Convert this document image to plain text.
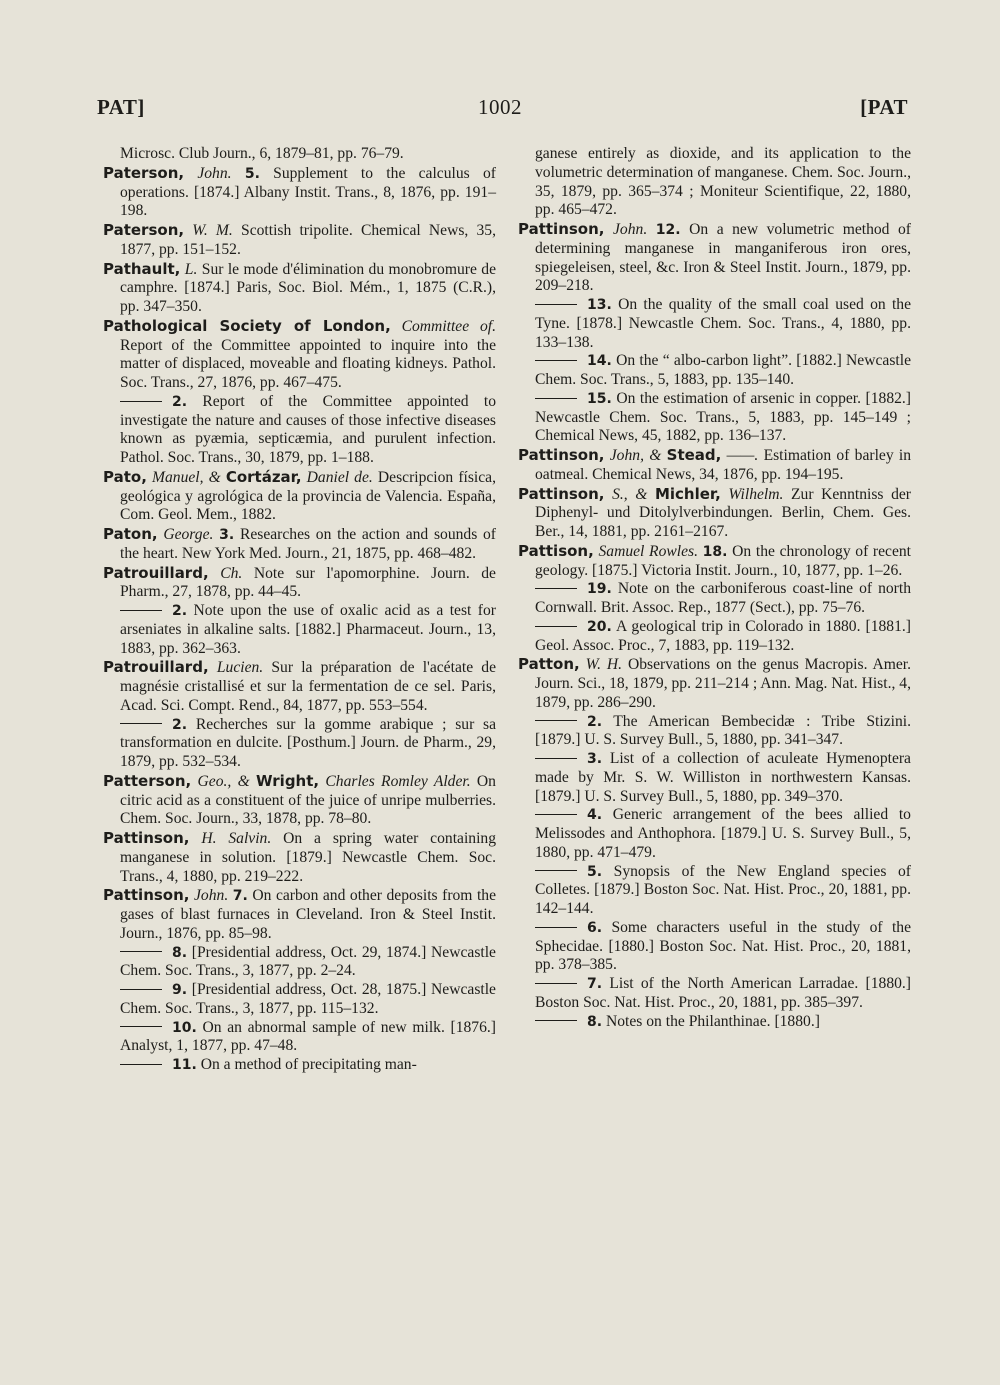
PAT]	1002	[PAT

Microsc. Club Journ., 6, 1879–81, pp. 76–79.

Paterson, John. 5. Supplement to the calculus of operations. [1874.] Albany Instit. Trans., 8, 1876, pp. 191–198.

Paterson, W. M. Scottish tripolite. Chemical News, 35, 1877, pp. 151–152.

Pathault, L. Sur le mode d'élimination du monobromure de camphre. [1874.] Paris, Soc. Biol. Mém., 1, 1875 (C.R.), pp. 347–350.

Pathological Society of London, Committee of. Report of the Committee appointed to inquire into the matter of displaced, moveable and floating kidneys. Pathol. Soc. Trans., 27, 1876, pp. 467–475.

2. Report of the Committee appointed to investigate the nature and causes of those infective diseases known as pyæmia, septicæmia, and purulent infection. Pathol. Soc. Trans., 30, 1879, pp. 1–188.

Pato, Manuel, & Cortázar, Daniel de. Descripcion física, geológica y agrológica de la provincia de Valencia. España, Com. Geol. Mem., 1882.

Paton, George. 3. Researches on the action and sounds of the heart. New York Med. Journ., 21, 1875, pp. 468–482.

Patrouillard, Ch. Note sur l'apomorphine. Journ. de Pharm., 27, 1878, pp. 44–45.

2. Note upon the use of oxalic acid as a test for arseniates in alkaline salts. [1882.] Pharmaceut. Journ., 13, 1883, pp. 362–363.

Patrouillard, Lucien. Sur la préparation de l'acétate de magnésie cristallisé et sur la fermentation de ce sel. Paris, Acad. Sci. Compt. Rend., 84, 1877, pp. 553–554.

2. Recherches sur la gomme arabique ; sur sa transformation en dulcite. [Posthum.] Journ. de Pharm., 29, 1879, pp. 532–534.

Patterson, Geo., & Wright, Charles Romley Alder. On citric acid as a constituent of the juice of unripe mulberries. Chem. Soc. Journ., 33, 1878, pp. 78–80.

Pattinson, H. Salvin. On a spring water containing manganese in solution. [1879.] Newcastle Chem. Soc. Trans., 4, 1880, pp. 219–222.

Pattinson, John. 7. On carbon and other deposits from the gases of blast furnaces in Cleveland. Iron & Steel Instit. Journ., 1876, pp. 85–98.

8. [Presidential address, Oct. 29, 1874.] Newcastle Chem. Soc. Trans., 3, 1877, pp. 2–24.

9. [Presidential address, Oct. 28, 1875.] Newcastle Chem. Soc. Trans., 3, 1877, pp. 115–132.

10. On an abnormal sample of new milk. [1876.] Analyst, 1, 1877, pp. 47–48.

11. On a method of precipitating man-

ganese entirely as dioxide, and its application to the volumetric determination of manganese. Chem. Soc. Journ., 35, 1879, pp. 365–374 ; Moniteur Scientifique, 22, 1880, pp. 465–472.

Pattinson, John. 12. On a new volumetric method of determining manganese in manganiferous iron ores, spiegeleisen, steel, &c. Iron & Steel Instit. Journ., 1879, pp. 209–218.

13. On the quality of the small coal used on the Tyne. [1878.] Newcastle Chem. Soc. Trans., 4, 1880, pp. 133–138.

14. On the “ albo-carbon light”. [1882.] Newcastle Chem. Soc. Trans., 5, 1883, pp. 135–140.

15. On the estimation of arsenic in copper. [1882.] Newcastle Chem. Soc. Trans., 5, 1883, pp. 145–149 ; Chemical News, 45, 1882, pp. 136–137.

Pattinson, John, & Stead, ——. Estimation of barley in oatmeal. Chemical News, 34, 1876, pp. 194–195.

Pattinson, S., & Michler, Wilhelm. Zur Kenntniss der Diphenyl- und Ditolylverbindungen. Berlin, Chem. Ges. Ber., 14, 1881, pp. 2161–2167.

Pattison, Samuel Rowles. 18. On the chronology of recent geology. [1875.] Victoria Instit. Journ., 10, 1877, pp. 1–26.

19. Note on the carboniferous coast-line of north Cornwall. Brit. Assoc. Rep., 1877 (Sect.), pp. 75–76.

20. A geological trip in Colorado in 1880. [1881.] Geol. Assoc. Proc., 7, 1883, pp. 119–132.

Patton, W. H. Observations on the genus Macropis. Amer. Journ. Sci., 18, 1879, pp. 211–214 ; Ann. Mag. Nat. Hist., 4, 1879, pp. 286–290.

2. The American Bembecidæ : Tribe Stizini. [1879.] U. S. Survey Bull., 5, 1880, pp. 341–347.

3. List of a collection of aculeate Hymenoptera made by Mr. S. W. Williston in northwestern Kansas. [1879.] U. S. Survey Bull., 5, 1880, pp. 349–370.

4. Generic arrangement of the bees allied to Melissodes and Anthophora. [1879.] U. S. Survey Bull., 5, 1880, pp. 471–479.

5. Synopsis of the New England species of Colletes. [1879.] Boston Soc. Nat. Hist. Proc., 20, 1881, pp. 142–144.

6. Some characters useful in the study of the Sphecidae. [1880.] Boston Soc. Nat. Hist. Proc., 20, 1881, pp. 378–385.

7. List of the North American Larradae. [1880.] Boston Soc. Nat. Hist. Proc., 20, 1881, pp. 385–397.

8. Notes on the Philanthinae. [1880.]
